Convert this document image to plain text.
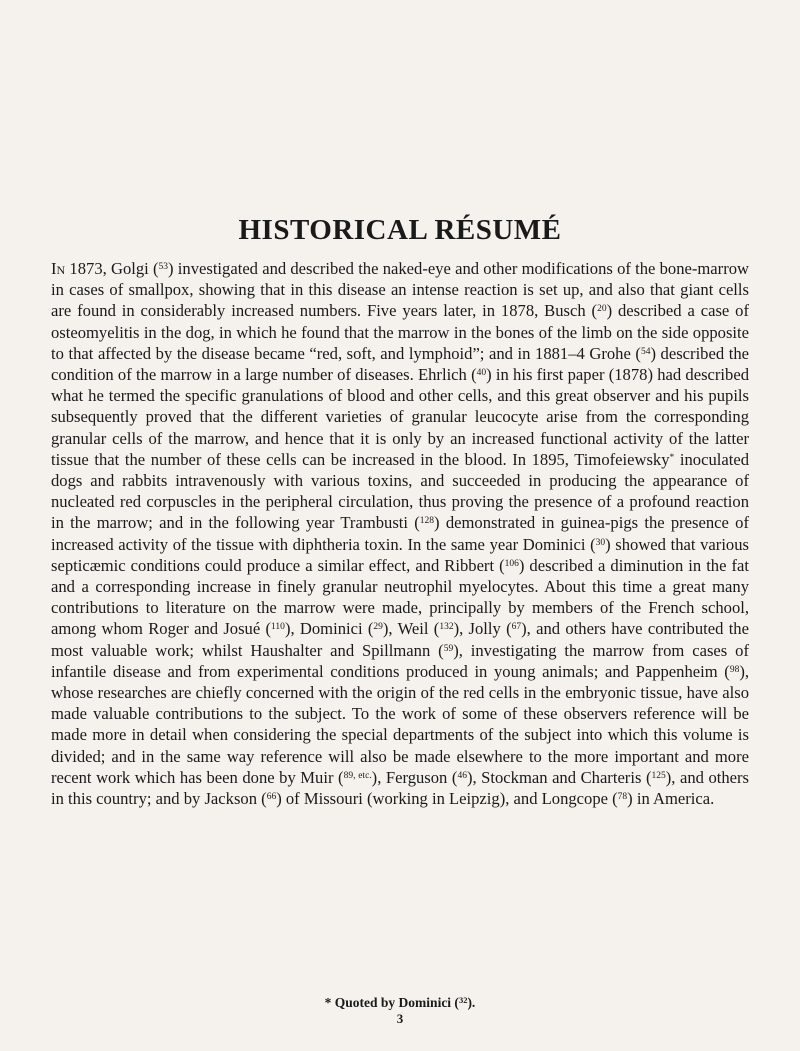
HISTORICAL RÉSUMÉ

In 1873, Golgi ($^{53}$) investigated and described the naked-eye and other modifications of the bone-marrow in cases of smallpox, showing that in this disease an intense reaction is set up, and also that giant cells are found in considerably increased numbers. Five years later, in 1878, Busch ($^{20}$) described a case of osteomyelitis in the dog, in which he found that the marrow in the bones of the limb on the side opposite to that affected by the disease became “red, soft, and lymphoid”; and in 1881–4 Grohe ($^{54}$) described the condition of the marrow in a large number of diseases. Ehrlich ($^{40}$) in his first paper (1878) had described what he termed the specific granulations of blood and other cells, and this great observer and his pupils subsequently proved that the different varieties of granular leucocyte arise from the corresponding granular cells of the marrow, and hence that it is only by an increased functional activity of the latter tissue that the number of these cells can be increased in the blood. In 1895, Timofeiewsky* inoculated dogs and rabbits intravenously with various toxins, and succeeded in producing the appearance of nucleated red corpuscles in the peripheral circulation, thus proving the presence of a profound reaction in the marrow; and in the following year Trambusti ($^{128}$) demonstrated in guinea-pigs the presence of increased activity of the tissue with diphtheria toxin. In the same year Dominici ($^{30}$) showed that various septicæmic conditions could produce a similar effect, and Ribbert ($^{106}$) described a diminution in the fat and a corresponding increase in finely granular neutrophil myelocytes. About this time a great many contributions to literature on the marrow were made, principally by members of the French school, among whom Roger and Josué ($^{110}$), Dominici ($^{29}$), Weil ($^{132}$), Jolly ($^{67}$), and others have contributed the most valuable work; whilst Haushalter and Spillmann ($^{59}$), investigating the marrow from cases of infantile disease and from experimental conditions produced in young animals; and Pappenheim ($^{98}$), whose researches are chiefly concerned with the origin of the red cells in the embryonic tissue, have also made valuable contributions to the subject. To the work of some of these observers reference will be made more in detail when considering the special departments of the subject into which this volume is divided; and in the same way reference will also be made elsewhere to the more important and more recent work which has been done by Muir ($^{89, etc.}$), Ferguson ($^{46}$), Stockman and Charteris ($^{125}$), and others in this country; and by Jackson ($^{66}$) of Missouri (working in Leipzig), and Longcope ($^{78}$) in America.

* Quoted by Dominici ($^{32}$).

3
